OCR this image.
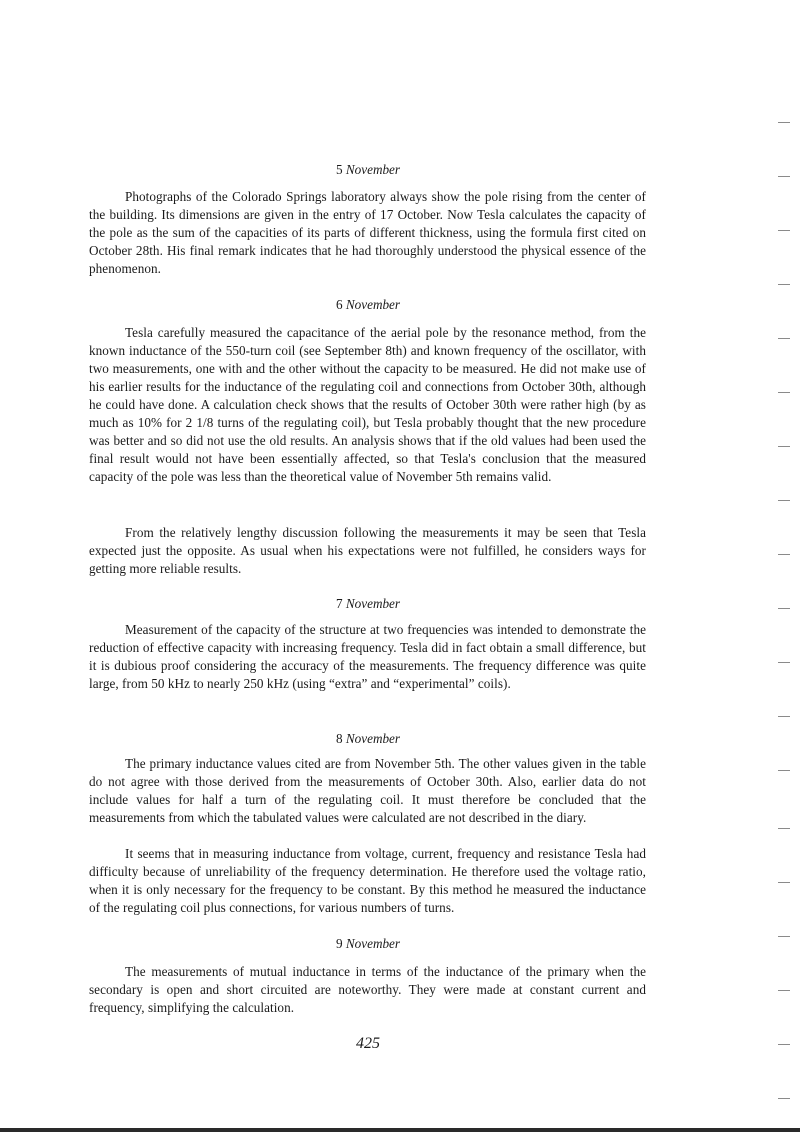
5 November

Photographs of the Colorado Springs laboratory always show the pole rising from the center of the building. Its dimensions are given in the entry of 17 October. Now Tesla calculates the capacity of the pole as the sum of the capacities of its parts of different thickness, using the formula first cited on October 28th. His final remark indicates that he had thoroughly understood the physical essence of the phenomenon.

6 November

Tesla carefully measured the capacitance of the aerial pole by the resonance method, from the known inductance of the 550-turn coil (see September 8th) and known frequency of the oscillator, with two measurements, one with and the other without the capacity to be measured. He did not make use of his earlier results for the inductance of the regulating coil and connections from October 30th, although he could have done. A calculation check shows that the results of October 30th were rather high (by as much as 10% for 2 1/8 turns of the regulating coil), but Tesla probably thought that the new procedure was better and so did not use the old results. An analysis shows that if the old values had been used the final result would not have been essentially affected, so that Tesla's conclusion that the measured capacity of the pole was less than the theoretical value of November 5th remains valid.

From the relatively lengthy discussion following the measurements it may be seen that Tesla expected just the opposite. As usual when his expectations were not fulfilled, he considers ways for getting more reliable results.

7 November

Measurement of the capacity of the structure at two frequencies was intended to demonstrate the reduction of effective capacity with increasing frequency. Tesla did in fact obtain a small difference, but it is dubious proof considering the accuracy of the measurements. The frequency difference was quite large, from 50 kHz to nearly 250 kHz (using “extra” and “experimental” coils).

8 November

The primary inductance values cited are from November 5th. The other values given in the table do not agree with those derived from the measurements of October 30th. Also, earlier data do not include values for half a turn of the regulating coil. It must therefore be concluded that the measurements from which the tabulated values were calculated are not described in the diary.

It seems that in measuring inductance from voltage, current, frequency and resistance Tesla had difficulty because of unreliability of the frequency determination. He therefore used the voltage ratio, when it is only necessary for the frequency to be constant. By this method he measured the inductance of the regulating coil plus connections, for various numbers of turns.

9 November

The measurements of mutual inductance in terms of the inductance of the primary when the secondary is open and short circuited are noteworthy. They were made at constant current and frequency, simplifying the calculation.

425
